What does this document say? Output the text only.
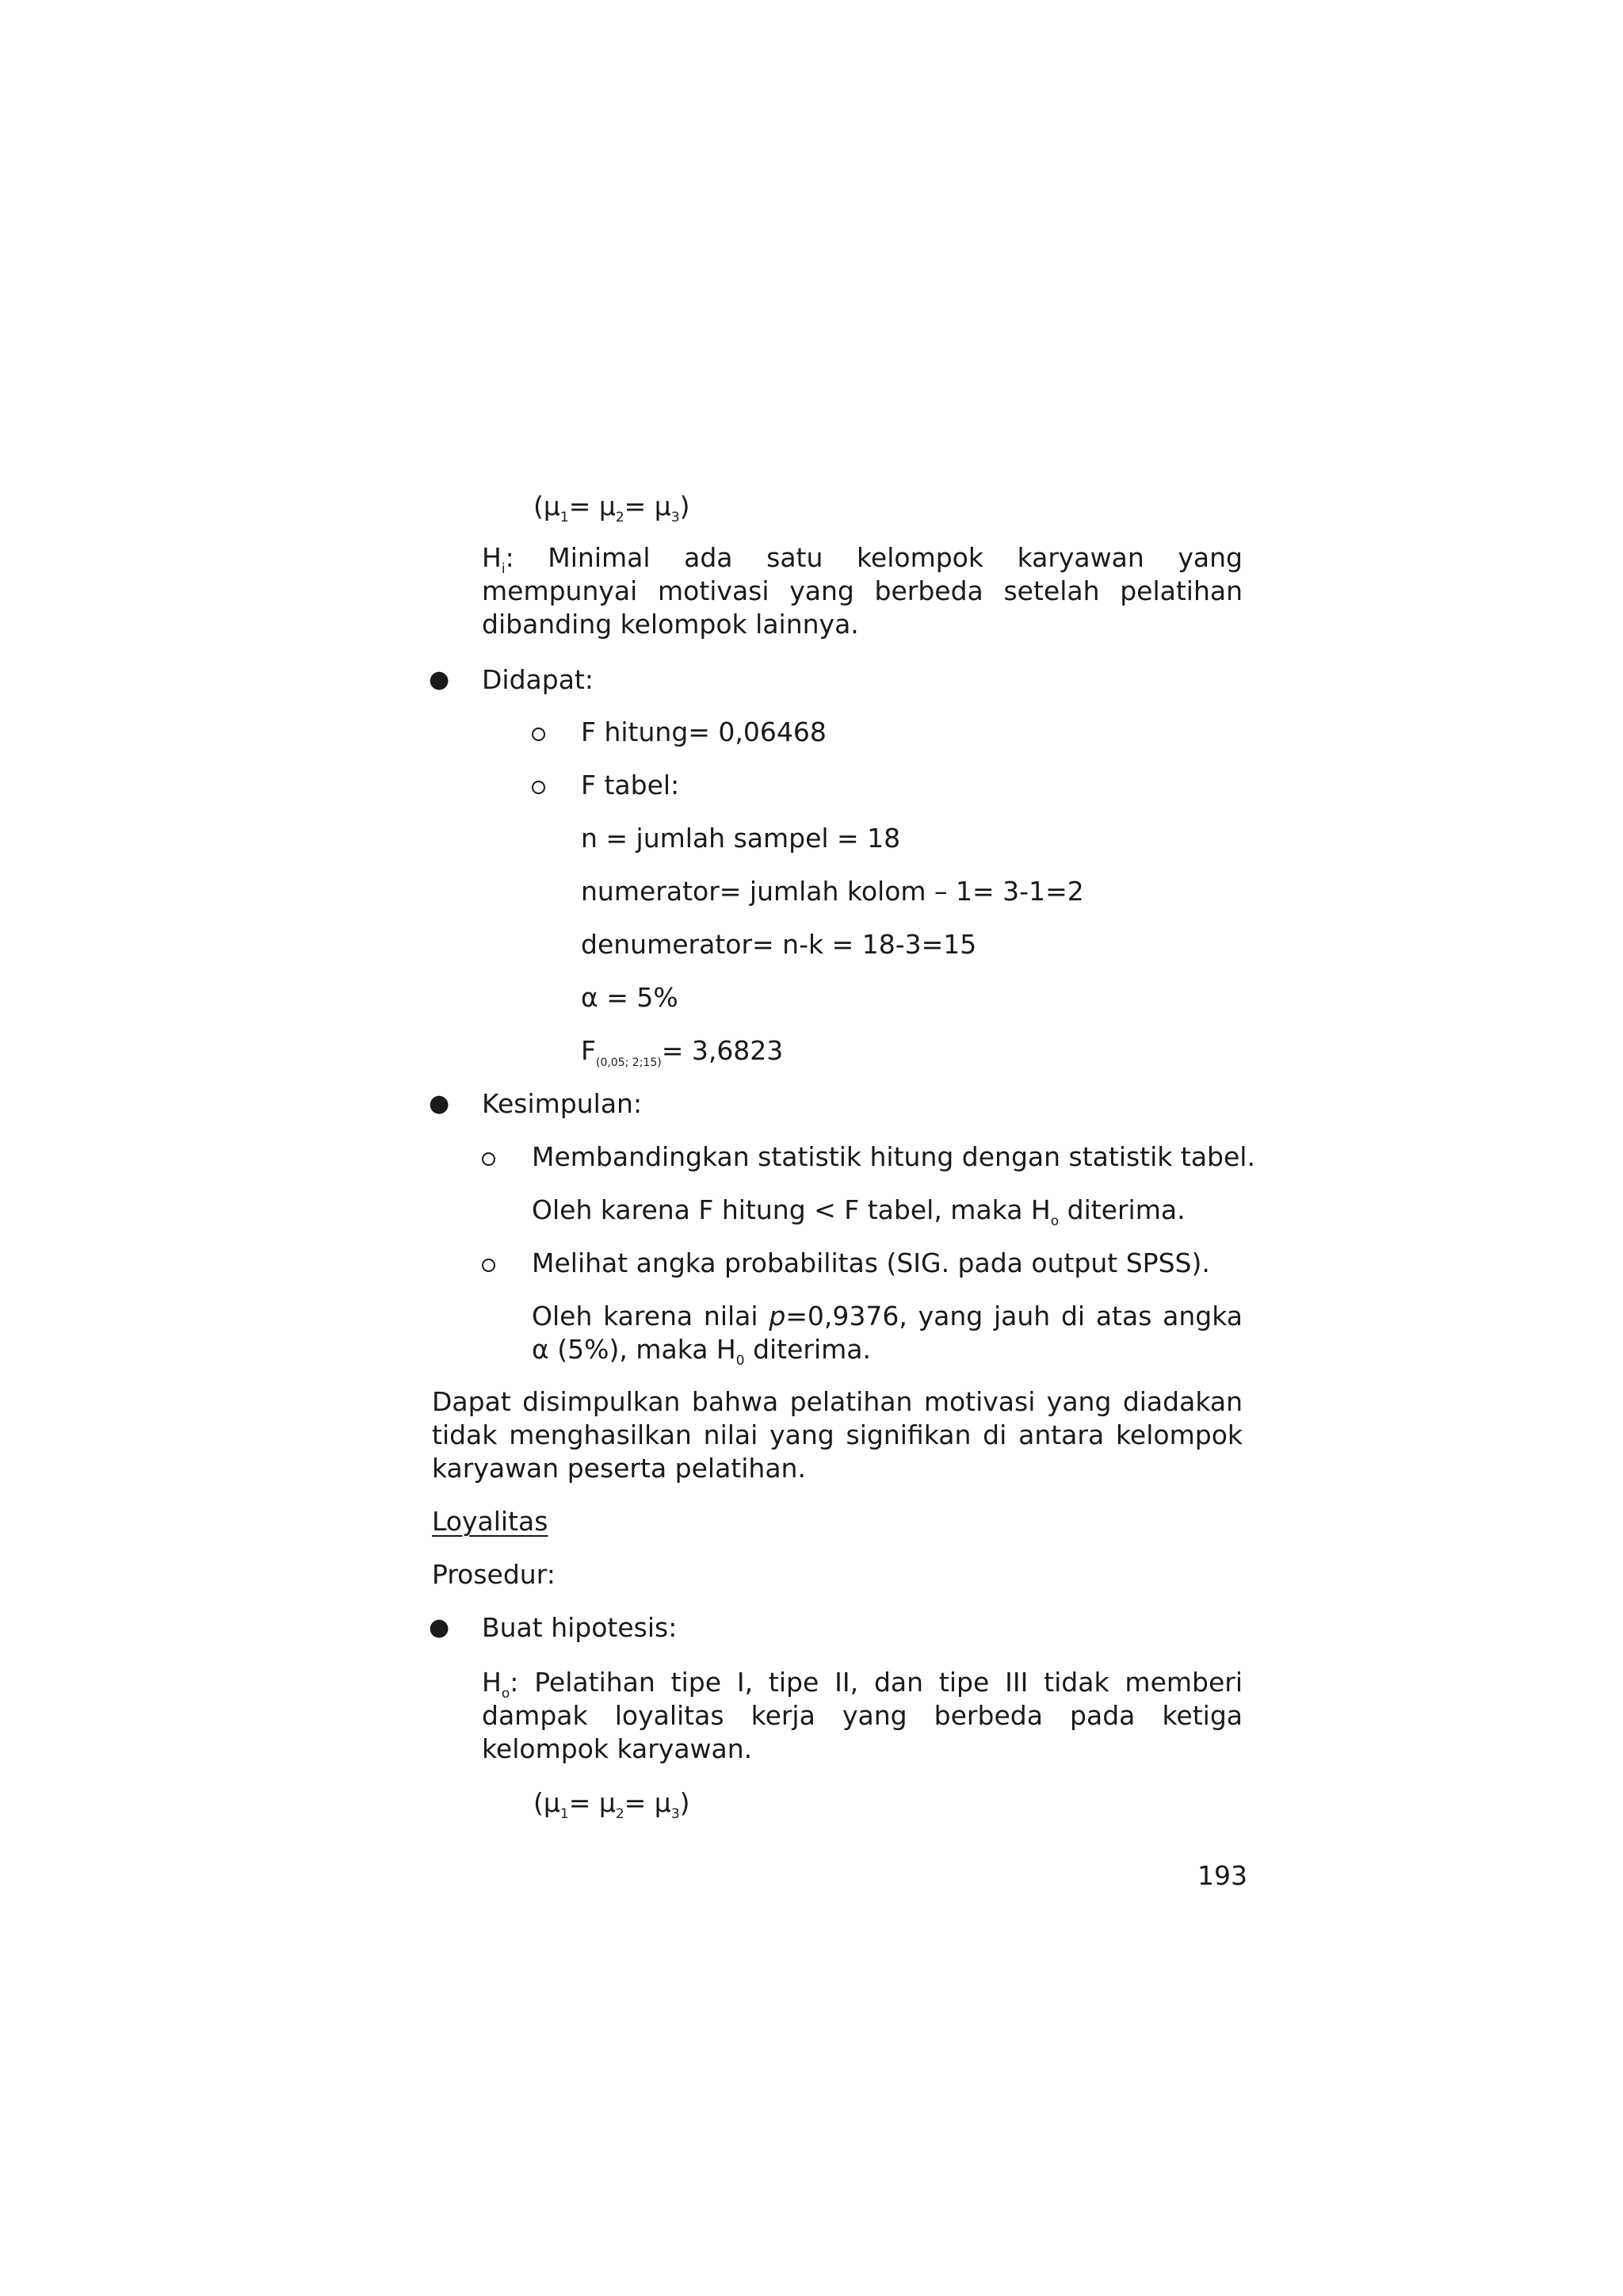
$(\mu_1= \mu_2= \mu_3)$
$H_i$: Minimal ada satu kelompok karyawan yang mempunyai motivasi yang berbeda setelah pelatihan dibanding kelompok lainnya.
● Didapat:
F hitung= 0,06468
F tabel:
n = jumlah sampel = 18
numerator= jumlah kolom – 1= 3-1=2
denumerator= n-k = 18-3=15
α = 5%
$F_{(0,05; 2;15)}= 3,6823$
● Kesimpulan:
Membandingkan statistik hitung dengan statistik tabel.
Oleh karena F hitung < F tabel, maka $H_o$ diterima.
Melihat angka probabilitas (SIG. pada output SPSS).
Oleh karena nilai p=0,9376, yang jauh di atas angka α (5%), maka $H_0$ diterima.
Dapat disimpulkan bahwa pelatihan motivasi yang diadakan tidak menghasilkan nilai yang signifikan di antara kelompok karyawan peserta pelatihan.
Loyalitas
Prosedur:
● Buat hipotesis:
$H_o$: Pelatihan tipe I, tipe II, dan tipe III tidak memberi dampak loyalitas kerja yang berbeda pada ketiga kelompok karyawan.
$(\mu_1= \mu_2= \mu_3)$
193
